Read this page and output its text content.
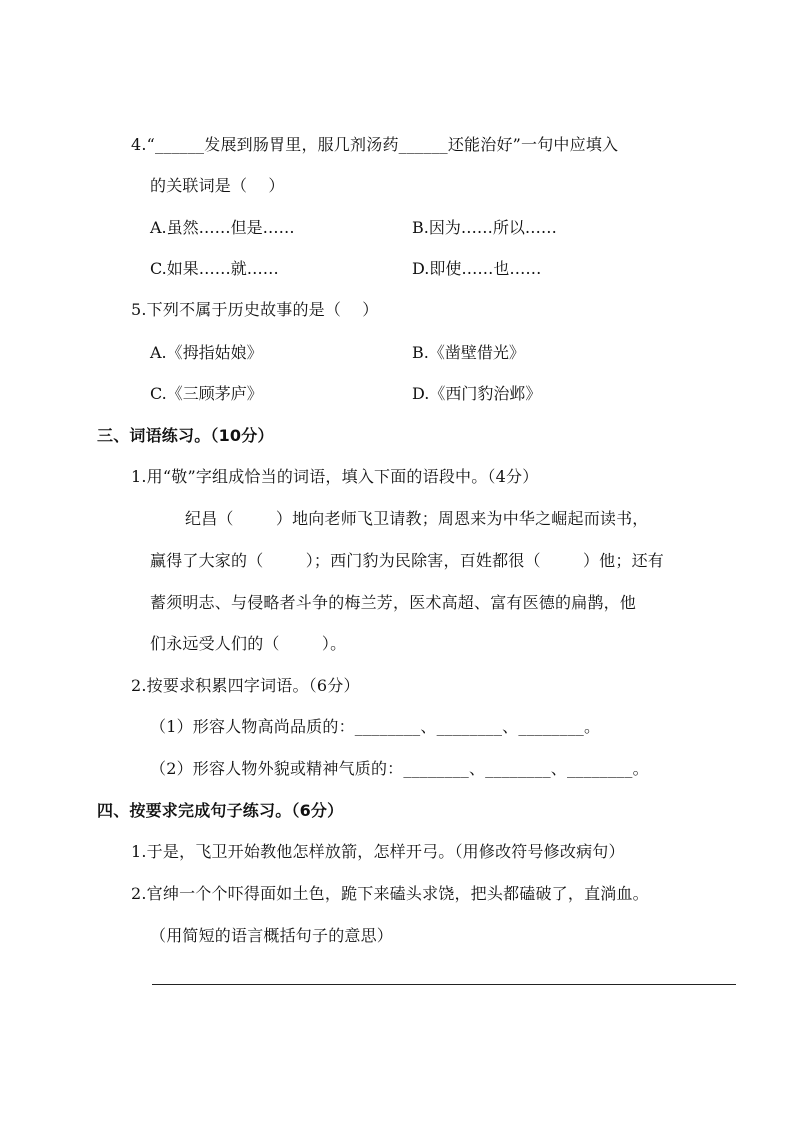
4.“______发展到肠胃里，服几剂汤药______还能治好”一句中应填入
的关联词是（    ）
A.虽然……但是……	B.因为……所以……
C.如果……就……	D.即使……也……
5.下列不属于历史故事的是（    ）
A.《拇指姑娘》	B.《凿壁借光》
C.《三顾茅庐》	D.《西门豹治邺》
三、词语练习。（10分）
1.用“敬”字组成恰当的词语，填入下面的语段中。（4分）
纪昌（        ）地向老师飞卫请教；周恩来为中华之崛起而读书，
赢得了大家的（        ）；西门豹为民除害，百姓都很（        ）他；还有
蓄须明志、与侵略者斗争的梅兰芳，医术高超、富有医德的扁鹊，他
们永远受人们的（        ）。
2.按要求积累四字词语。（6分）
（1）形容人物高尚品质的：________、________、________。
（2）形容人物外貌或精神气质的：________、________、________。
四、按要求完成句子练习。（6分）
1.于是，飞卫开始教他怎样放箭，怎样开弓。（用修改符号修改病句）
2.官绅一个个吓得面如土色，跪下来磕头求饶，把头都磕破了，直淌血。
（用简短的语言概括句子的意思）
